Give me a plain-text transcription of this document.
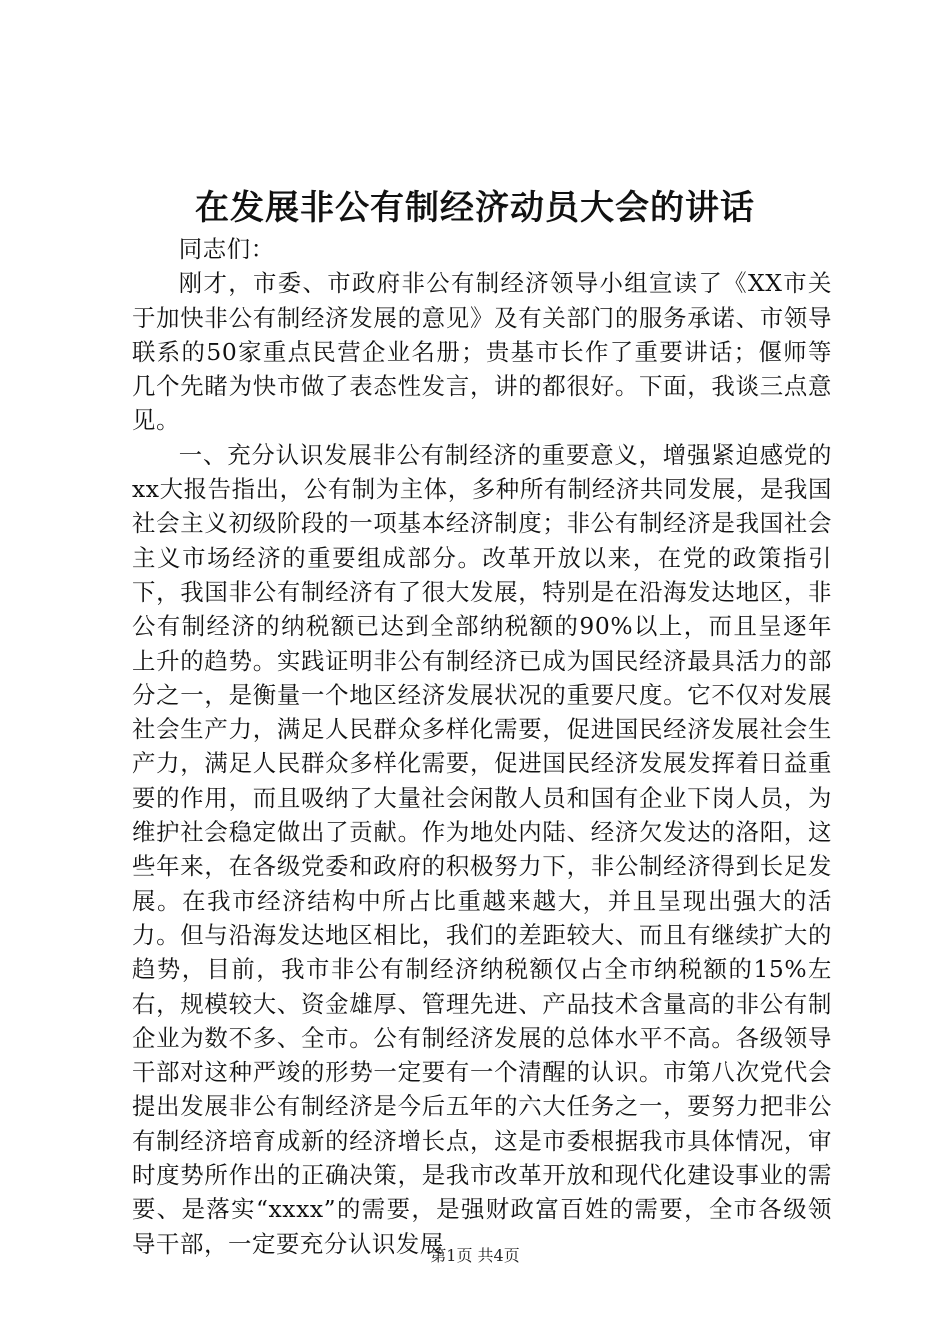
在发展非公有制经济动员大会的讲话

同志们：

刚才，市委、市政府非公有制经济领导小组宣读了《XX市关于加快非公有制经济发展的意见》及有关部门的服务承诺、市领导联系的50家重点民营企业名册；贵基市长作了重要讲话；偃师等几个先睹为快市做了表态性发言，讲的都很好。下面，我谈三点意见。

一、充分认识发展非公有制经济的重要意义，增强紧迫感党的xx大报告指出，公有制为主体，多种所有制经济共同发展，是我国社会主义初级阶段的一项基本经济制度；非公有制经济是我国社会主义市场经济的重要组成部分。改革开放以来，在党的政策指引下，我国非公有制经济有了很大发展，特别是在沿海发达地区，非公有制经济的纳税额已达到全部纳税额的90%以上，而且呈逐年上升的趋势。实践证明非公有制经济已成为国民经济最具活力的部分之一，是衡量一个地区经济发展状况的重要尺度。它不仅对发展社会生产力，满足人民群众多样化需要，促进国民经济发展社会生产力，满足人民群众多样化需要，促进国民经济发展发挥着日益重要的作用，而且吸纳了大量社会闲散人员和国有企业下岗人员，为维护社会稳定做出了贡献。作为地处内陆、经济欠发达的洛阳，这些年来，在各级党委和政府的积极努力下，非公制经济得到长足发展。在我市经济结构中所占比重越来越大，并且呈现出强大的活力。但与沿海发达地区相比，我们的差距较大、而且有继续扩大的趋势，目前，我市非公有制经济纳税额仅占全市纳税额的15%左右，规模较大、资金雄厚、管理先进、产品技术含量高的非公有制企业为数不多、全市。公有制经济发展的总体水平不高。各级领导干部对这种严竣的形势一定要有一个清醒的认识。市第八次党代会提出发展非公有制经济是今后五年的六大任务之一，要努力把非公有制经济培育成新的经济增长点，这是市委根据我市具体情况，审时度势所作出的正确决策，是我市改革开放和现代化建设事业的需要、是落实“xxxx”的需要，是强财政富百姓的需要，全市各级领导干部，一定要充分认识发展

第1页 共4页
